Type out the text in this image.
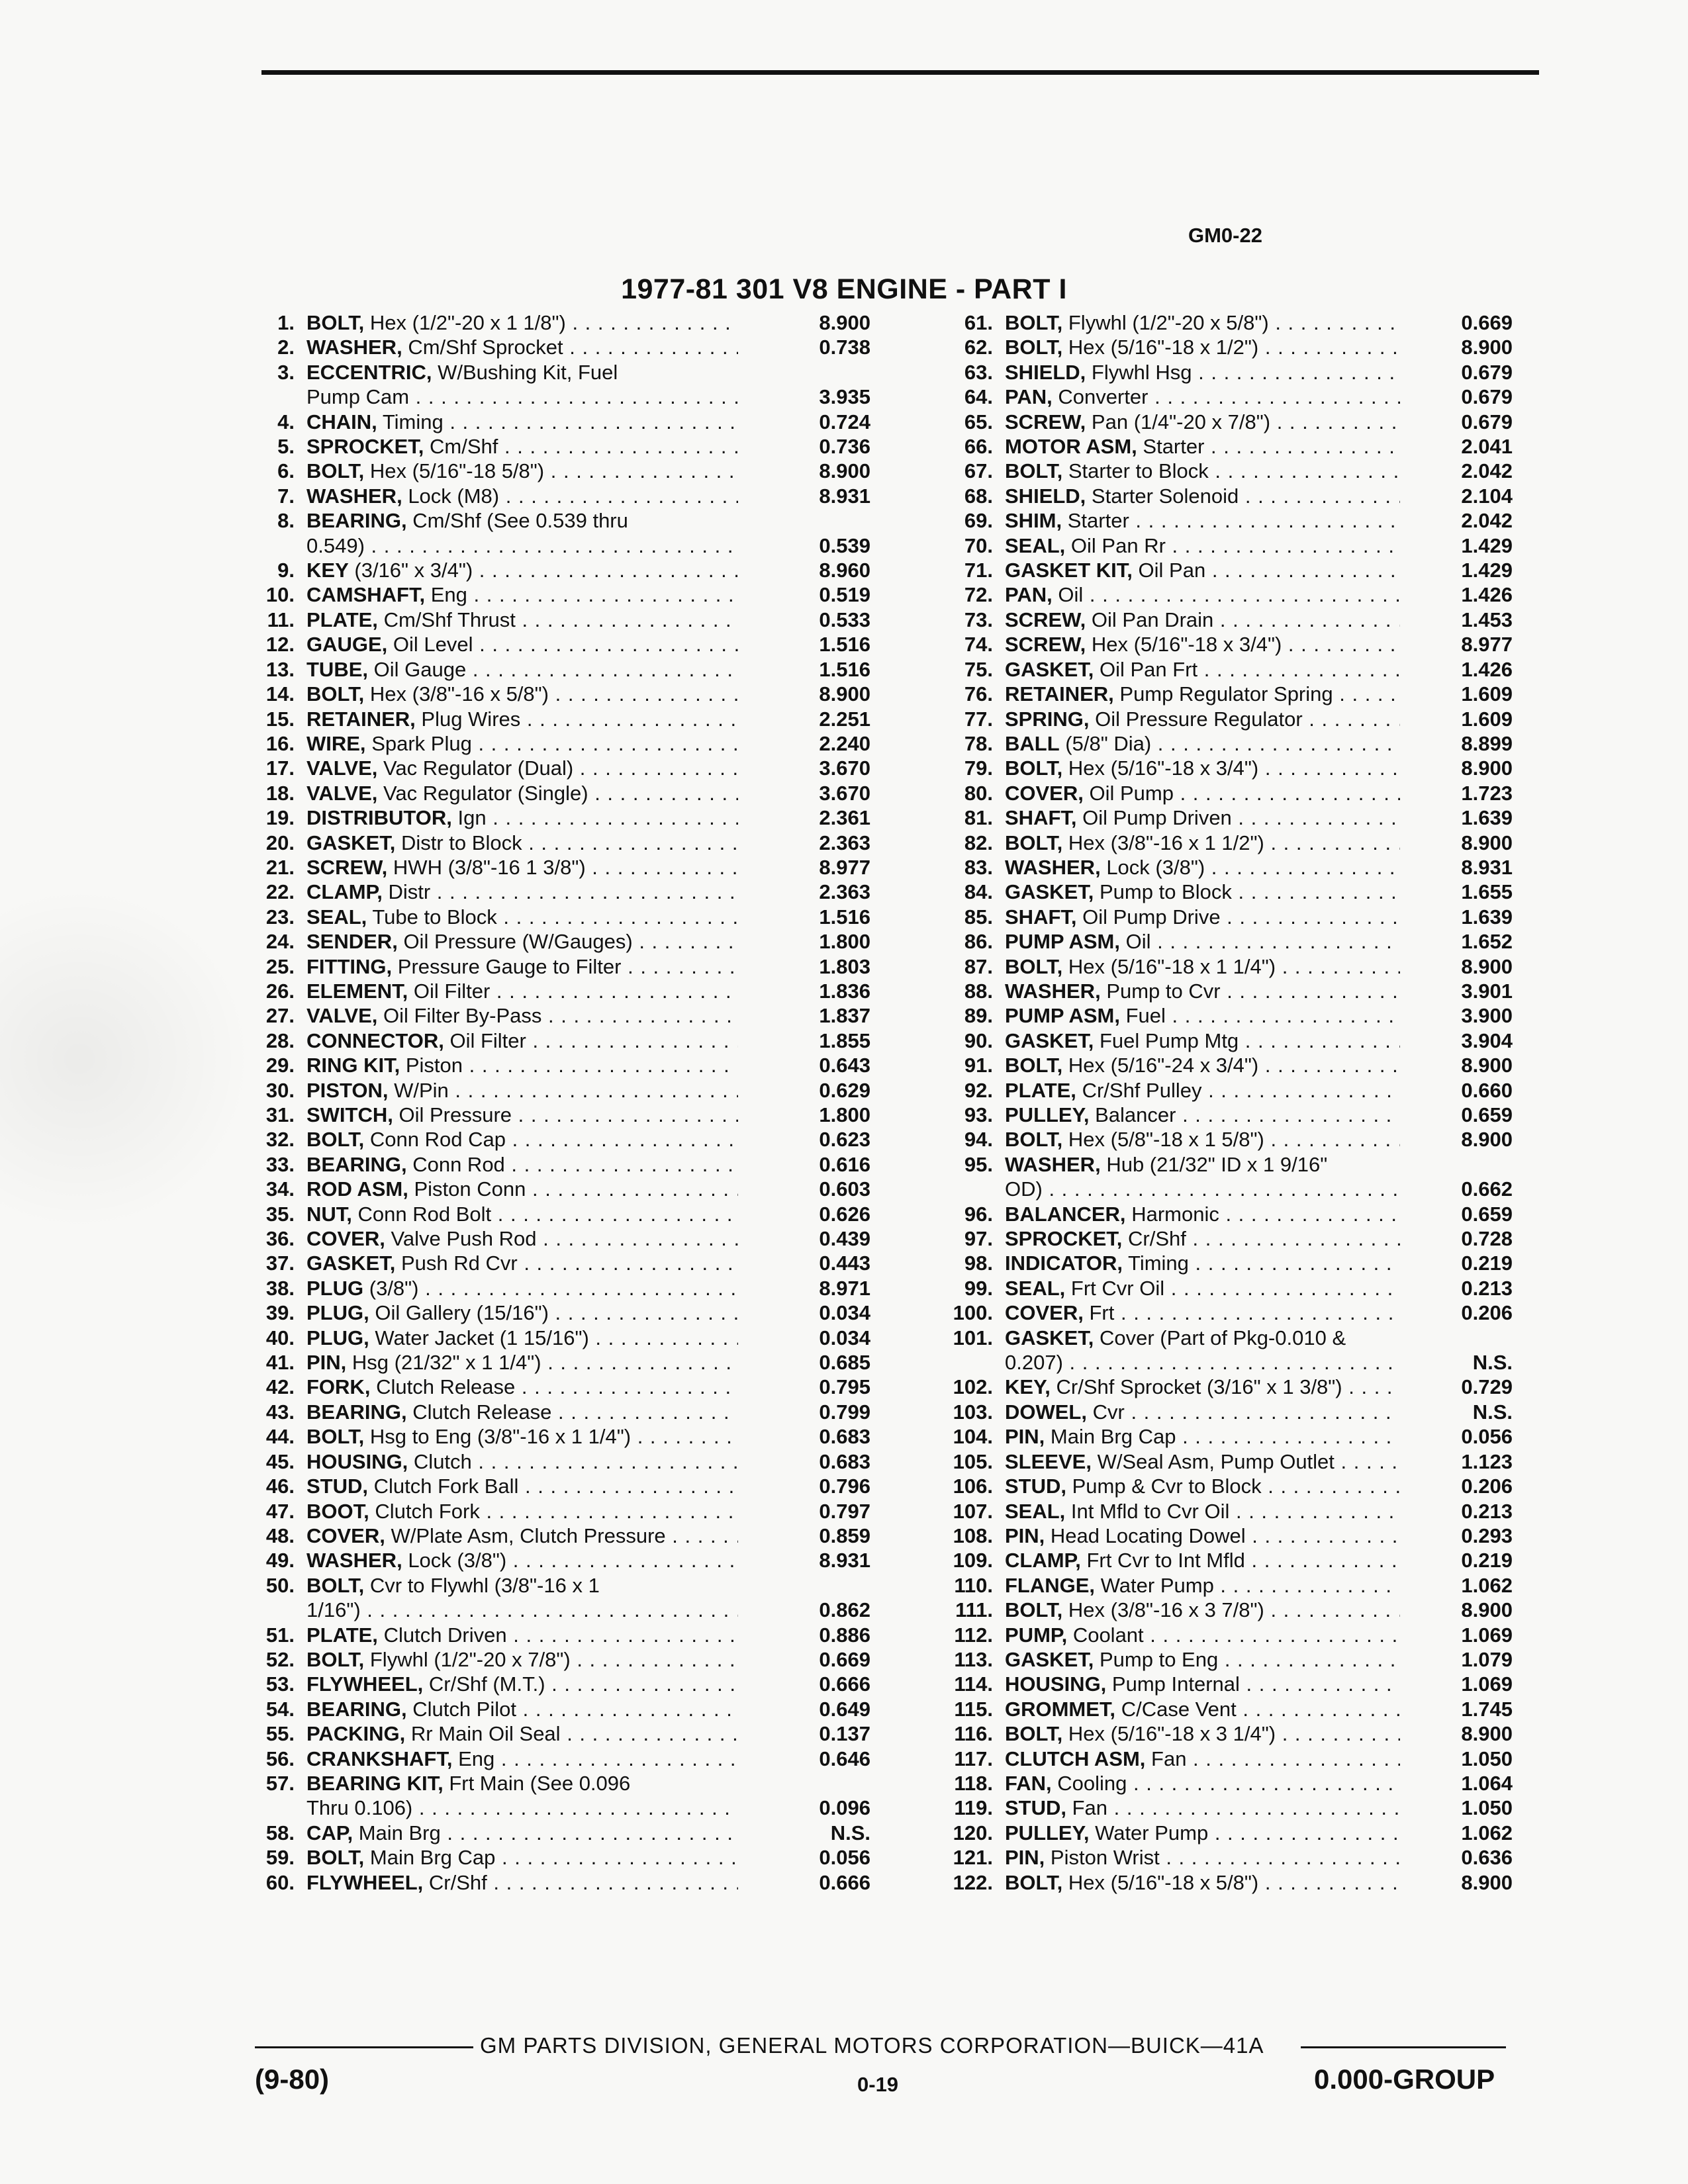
GM0-22
1977-81 301 V8 ENGINE - PART I
1. BOLT, Hex (1/2"-20 x 1 1/8") . . .	8.900
2. WASHER, Cm/Shf Sprocket . . .	0.738
3. ECCENTRIC, W/Bushing Kit, Fuel
Pump Cam . . .	3.935
4. CHAIN, Timing . . .	0.724
5. SPROCKET, Cm/Shf . . .	0.736
6. BOLT, Hex (5/16"-18 5/8") . . .	8.900
7. WASHER, Lock (M8) . . .	8.931
8. BEARING, Cm/Shf (See 0.539 thru
0.549) . . .	0.539
9. KEY (3/16" x 3/4") . . .	8.960
10. CAMSHAFT, Eng . . .	0.519
11. PLATE, Cm/Shf Thrust . . .	0.533
12. GAUGE, Oil Level . . .	1.516
13. TUBE, Oil Gauge . . .	1.516
14. BOLT, Hex (3/8"-16 x 5/8") . . .	8.900
15. RETAINER, Plug Wires . . .	2.251
16. WIRE, Spark Plug . . .	2.240
17. VALVE, Vac Regulator (Dual) . . .	3.670
18. VALVE, Vac Regulator (Single) . . .	3.670
19. DISTRIBUTOR, Ign . . .	2.361
20. GASKET, Distr to Block . . .	2.363
21. SCREW, HWH (3/8"-16 1 3/8") . . .	8.977
22. CLAMP, Distr . . .	2.363
23. SEAL, Tube to Block . . .	1.516
24. SENDER, Oil Pressure (W/Gauges) . . .	1.800
25. FITTING, Pressure Gauge to Filter . . .	1.803
26. ELEMENT, Oil Filter . . .	1.836
27. VALVE, Oil Filter By-Pass . . .	1.837
28. CONNECTOR, Oil Filter . . .	1.855
29. RING KIT, Piston . . .	0.643
30. PISTON, W/Pin . . .	0.629
31. SWITCH, Oil Pressure . . .	1.800
32. BOLT, Conn Rod Cap . . .	0.623
33. BEARING, Conn Rod . . .	0.616
34. ROD ASM, Piston Conn . . .	0.603
35. NUT, Conn Rod Bolt . . .	0.626
36. COVER, Valve Push Rod . . .	0.439
37. GASKET, Push Rd Cvr . . .	0.443
38. PLUG (3/8") . . .	8.971
39. PLUG, Oil Gallery (15/16") . . .	0.034
40. PLUG, Water Jacket (1 15/16") . . .	0.034
41. PIN, Hsg (21/32" x 1 1/4") . . .	0.685
42. FORK, Clutch Release . . .	0.795
43. BEARING, Clutch Release . . .	0.799
44. BOLT, Hsg to Eng (3/8"-16 x 1 1/4") . . .	0.683
45. HOUSING, Clutch . . .	0.683
46. STUD, Clutch Fork Ball . . .	0.796
47. BOOT, Clutch Fork . . .	0.797
48. COVER, W/Plate Asm, Clutch Pressure . . .	0.859
49. WASHER, Lock (3/8") . . .	8.931
50. BOLT, Cvr to Flywhl (3/8"-16 x 1
1/16") . . .	0.862
51. PLATE, Clutch Driven . . .	0.886
52. BOLT, Flywhl (1/2"-20 x 7/8") . . .	0.669
53. FLYWHEEL, Cr/Shf (M.T.) . . .	0.666
54. BEARING, Clutch Pilot . . .	0.649
55. PACKING, Rr Main Oil Seal . . .	0.137
56. CRANKSHAFT, Eng . . .	0.646
57. BEARING KIT, Frt Main (See 0.096
Thru 0.106) . . .	0.096
58. CAP, Main Brg . . .	N.S.
59. BOLT, Main Brg Cap . . .	0.056
60. FLYWHEEL, Cr/Shf . . .	0.666
61. BOLT, Flywhl (1/2"-20 x 5/8") . . .	0.669
62. BOLT, Hex (5/16"-18 x 1/2") . . .	8.900
63. SHIELD, Flywhl Hsg . . .	0.679
64. PAN, Converter . . .	0.679
65. SCREW, Pan (1/4"-20 x 7/8") . . .	0.679
66. MOTOR ASM, Starter . . .	2.041
67. BOLT, Starter to Block . . .	2.042
68. SHIELD, Starter Solenoid . . .	2.104
69. SHIM, Starter . . .	2.042
70. SEAL, Oil Pan Rr . . .	1.429
71. GASKET KIT, Oil Pan . . .	1.429
72. PAN, Oil . . .	1.426
73. SCREW, Oil Pan Drain . . .	1.453
74. SCREW, Hex (5/16"-18 x 3/4") . . .	8.977
75. GASKET, Oil Pan Frt . . .	1.426
76. RETAINER, Pump Regulator Spring . . .	1.609
77. SPRING, Oil Pressure Regulator . . .	1.609
78. BALL (5/8" Dia) . . .	8.899
79. BOLT, Hex (5/16"-18 x 3/4") . . .	8.900
80. COVER, Oil Pump . . .	1.723
81. SHAFT, Oil Pump Driven . . .	1.639
82. BOLT, Hex (3/8"-16 x 1 1/2") . . .	8.900
83. WASHER, Lock (3/8") . . .	8.931
84. GASKET, Pump to Block . . .	1.655
85. SHAFT, Oil Pump Drive . . .	1.639
86. PUMP ASM, Oil . . .	1.652
87. BOLT, Hex (5/16"-18 x 1 1/4") . . .	8.900
88. WASHER, Pump to Cvr . . .	3.901
89. PUMP ASM, Fuel . . .	3.900
90. GASKET, Fuel Pump Mtg . . .	3.904
91. BOLT, Hex (5/16"-24 x 3/4") . . .	8.900
92. PLATE, Cr/Shf Pulley . . .	0.660
93. PULLEY, Balancer . . .	0.659
94. BOLT, Hex (5/8"-18 x 1 5/8") . . .	8.900
95. WASHER, Hub (21/32" ID x 1 9/16"
OD) . . .	0.662
96. BALANCER, Harmonic . . .	0.659
97. SPROCKET, Cr/Shf . . .	0.728
98. INDICATOR, Timing . . .	0.219
99. SEAL, Frt Cvr Oil . . .	0.213
100. COVER, Frt . . .	0.206
101. GASKET, Cover (Part of Pkg-0.010 &
0.207) . . .	N.S.
102. KEY, Cr/Shf Sprocket (3/16" x 1 3/8") . . .	0.729
103. DOWEL, Cvr . . .	N.S.
104. PIN, Main Brg Cap . . .	0.056
105. SLEEVE, W/Seal Asm, Pump Outlet . . .	1.123
106. STUD, Pump & Cvr to Block . . .	0.206
107. SEAL, Int Mfld to Cvr Oil . . .	0.213
108. PIN, Head Locating Dowel . . .	0.293
109. CLAMP, Frt Cvr to Int Mfld . . .	0.219
110. FLANGE, Water Pump . . .	1.062
111. BOLT, Hex (3/8"-16 x 3 7/8") . . .	8.900
112. PUMP, Coolant . . .	1.069
113. GASKET, Pump to Eng . . .	1.079
114. HOUSING, Pump Internal . . .	1.069
115. GROMMET, C/Case Vent . . .	1.745
116. BOLT, Hex (5/16"-18 x 3 1/4") . . .	8.900
117. CLUTCH ASM, Fan . . .	1.050
118. FAN, Cooling . . .	1.064
119. STUD, Fan . . .	1.050
120. PULLEY, Water Pump . . .	1.062
121. PIN, Piston Wrist . . .	0.636
122. BOLT, Hex (5/16"-18 x 5/8") . . .	8.900
GM PARTS DIVISION, GENERAL MOTORS CORPORATION—BUICK—41A
(9-80)	0-19	0.000-GROUP
